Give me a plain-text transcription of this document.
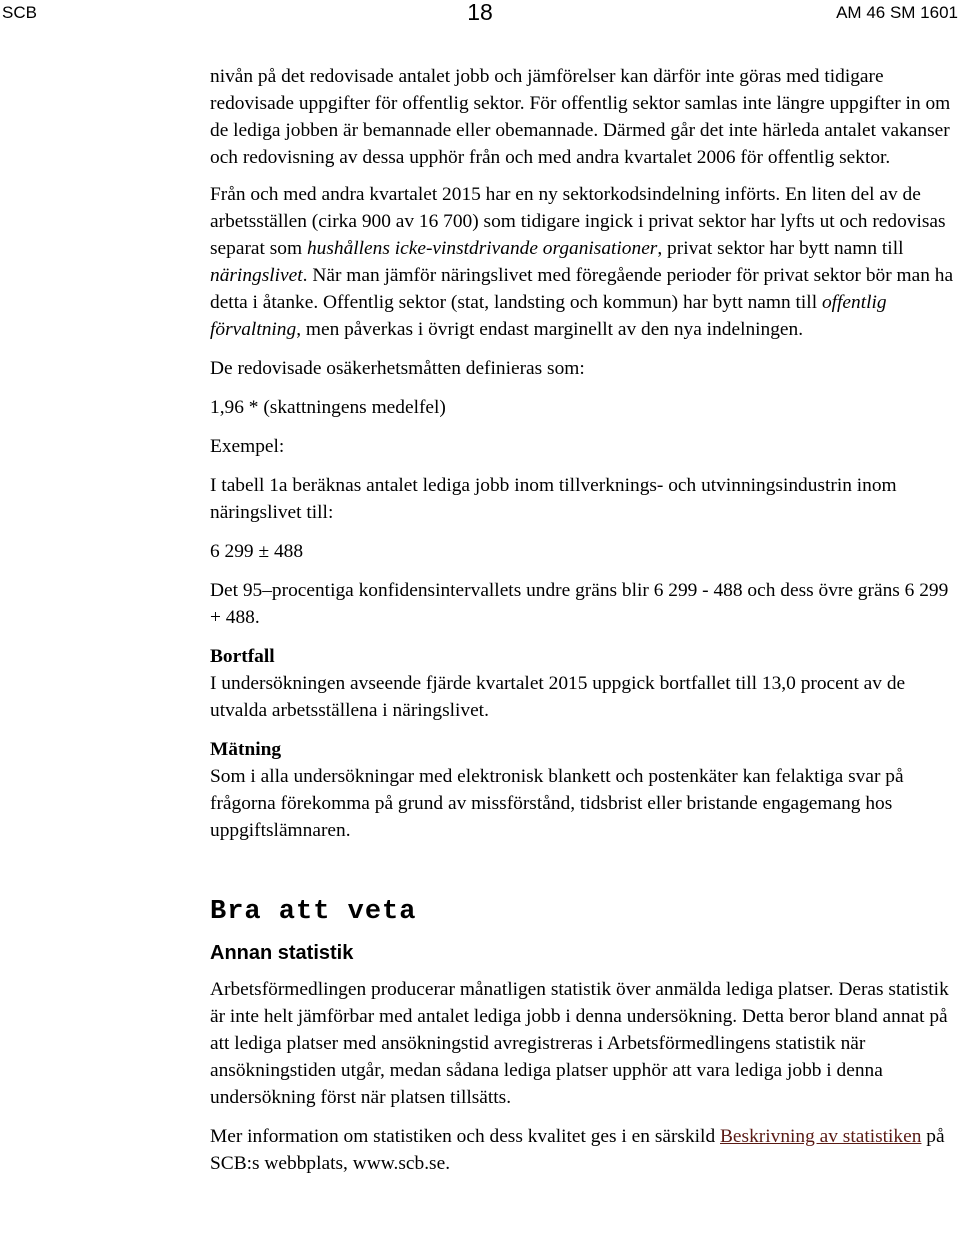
18
SCB	AM 46 SM 1601

nivån på det redovisade antalet jobb och jämförelser kan därför inte göras med tidigare redovisade uppgifter för offentlig sektor. För offentlig sektor samlas inte längre uppgifter in om de lediga jobben är bemannade eller obemannade. Därmed går det inte härleda antalet vakanser och redovisning av dessa upphör från och med andra kvartalet 2006 för offentlig sektor.

Från och med andra kvartalet 2015 har en ny sektorkodsindelning införts. En liten del av de arbetsställen (cirka 900 av 16 700) som tidigare ingick i privat sektor har lyfts ut och redovisas separat som hushållens icke-vinstdrivande organisationer, privat sektor har bytt namn till näringslivet. När man jämför näringslivet med föregående perioder för privat sektor bör man ha detta i åtanke. Offentlig sektor (stat, landsting och kommun) har bytt namn till offentlig förvaltning, men påverkas i övrigt endast marginellt av den nya indelningen.

De redovisade osäkerhetsmåtten definieras som:

1,96 * (skattningens medelfel)

Exempel:

I tabell 1a beräknas antalet lediga jobb inom tillverknings- och utvinningsindustrin inom näringslivet till:

6 299 ± 488

Det 95–procentiga konfidensintervallets undre gräns blir 6 299 - 488 och dess övre gräns 6 299 + 488.

Bortfall

I undersökningen avseende fjärde kvartalet 2015 uppgick bortfallet till 13,0 procent av de utvalda arbetsställena i näringslivet.

Mätning

Som i alla undersökningar med elektronisk blankett och postenkäter kan felaktiga svar på frågorna förekomma på grund av missförstånd, tidsbrist eller bristande engagemang hos uppgiftslämnaren.

Bra att veta

Annan statistik

Arbetsförmedlingen producerar månatligen statistik över anmälda lediga platser. Deras statistik är inte helt jämförbar med antalet lediga jobb i denna undersökning. Detta beror bland annat på att lediga platser med ansökningstid avregistreras i Arbetsförmedlingens statistik när ansökningstiden utgår, medan sådana lediga platser upphör att vara lediga jobb i denna undersökning först när platsen tillsätts.

Mer information om statistiken och dess kvalitet ges i en särskild Beskrivning av statistiken på SCB:s webbplats, www.scb.se.
